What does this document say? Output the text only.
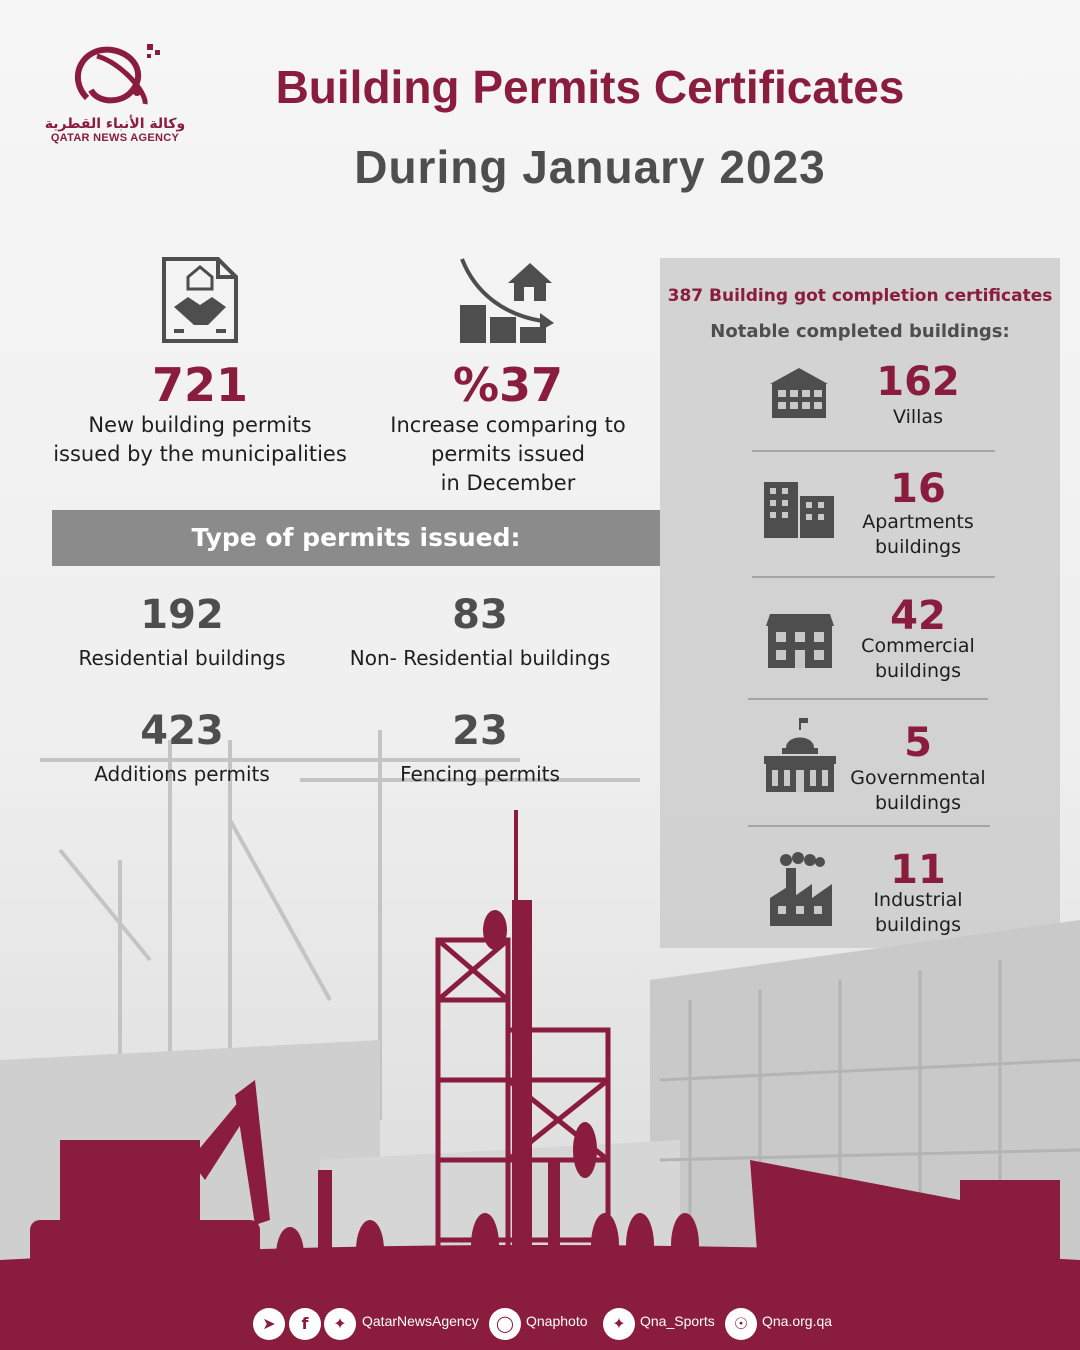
وكالة الأنباء القطرية
QATAR NEWS AGENCY
Building Permits Certificates
During January 2023
721
New building permits
issued by the municipalities
%37
Increase comparing to
permits issued
in December
Type of permits issued:
192
Residential buildings
83
Non- Residential buildings
423
Additions permits
23
Fencing permits
387 Building got completion certificates
Notable completed buildings:
162
Villas
16
Apartments
buildings
42
Commercial
buildings
5
Governmental
buildings
11
Industrial
buildings
➤	f	✦	QatarNewsAgency	◯ Qnaphoto	✦	Qna_Sports	☉ Qna.org.qa
